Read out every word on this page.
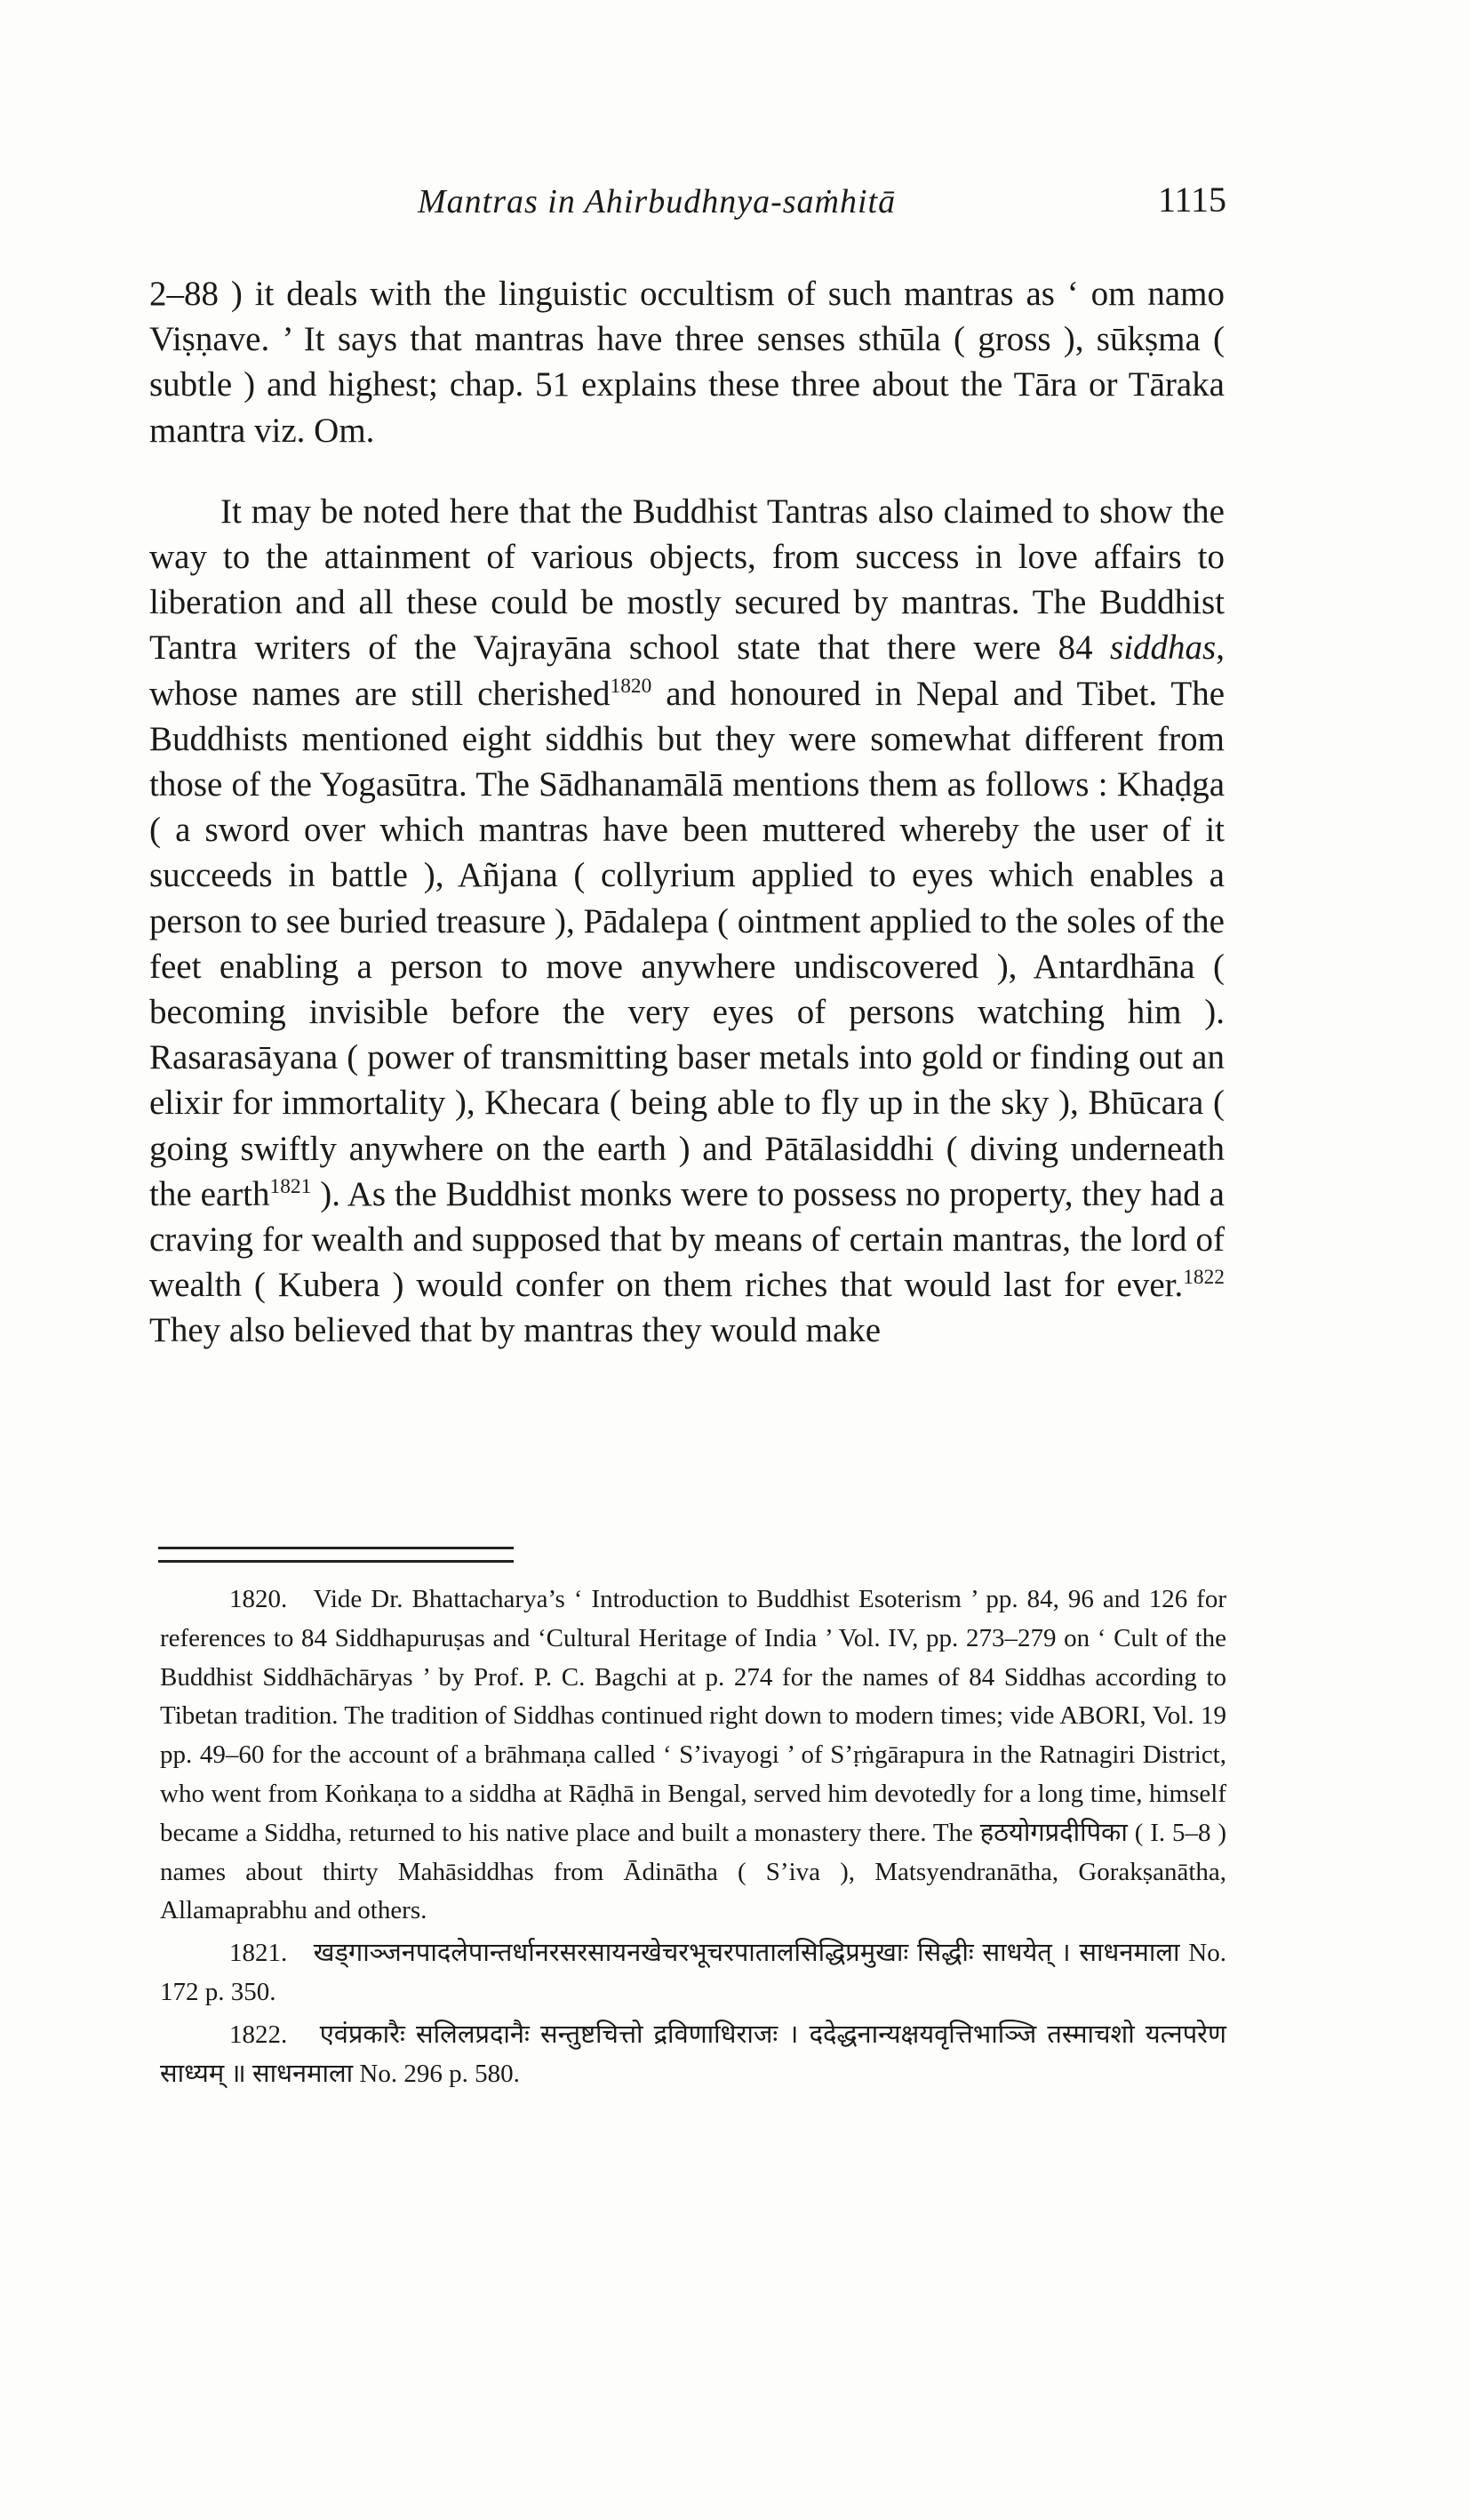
Mantras in Ahirbudhnya-saṁhitā	1115

2–88 ) it deals with the linguistic occultism of such mantras as ‘ om namo Viṣṇave. ’ It says that mantras have three senses sthūla ( gross ), sūkṣma ( subtle ) and highest; chap. 51 explains these three about the Tāra or Tāraka mantra viz. Om.

It may be noted here that the Buddhist Tantras also claimed to show the way to the attainment of various objects, from success in love affairs to liberation and all these could be mostly secured by mantras. The Buddhist Tantra writers of the Vajrayāna school state that there were 84 siddhas, whose names are still cherished$^{1820}$ and honoured in Nepal and Tibet. The Buddhists mentioned eight siddhis but they were somewhat different from those of the Yogasūtra. The Sādhanamālā mentions them as follows : Khaḍga ( a sword over which mantras have been muttered whereby the user of it succeeds in battle ), Añjana ( collyrium applied to eyes which enables a person to see buried treasure ), Pādalepa ( ointment applied to the soles of the feet enabling a person to move anywhere undiscovered ), Antardhāna ( becoming invisible before the very eyes of persons watching him ). Rasarasāyana ( power of transmitting baser metals into gold or finding out an elixir for immortality ), Khecara ( being able to fly up in the sky ), Bhūcara ( going swiftly anywhere on the earth ) and Pātālasiddhi ( diving underneath the earth$^{1821}$ ). As the Buddhist monks were to possess no property, they had a craving for wealth and supposed that by means of certain mantras, the lord of wealth ( Kubera ) would confer on them riches that would last for ever.$^{1822}$ They also believed that by mantras they would make

1820. Vide Dr. Bhattacharya’s ‘ Introduction to Buddhist Esoterism ’ pp. 84, 96 and 126 for references to 84 Siddhapuruṣas and ‘Cultural Heritage of India ’ Vol. IV, pp. 273–279 on ‘ Cult of the Buddhist Siddhāchāryas ’ by Prof. P. C. Bagchi at p. 274 for the names of 84 Siddhas according to Tibetan tradition. The tradition of Siddhas continued right down to modern times; vide ABORI, Vol. 19 pp. 49–60 for the account of a brāhmaṇa called ‘ S’ivayogi ’ of S’ṛṅgārapura in the Ratnagiri District, who went from Koṅkaṇa to a siddha at Rāḍhā in Bengal, served him devotedly for a long time, himself became a Siddha, returned to his native place and built a monastery there. The हठयोगप्रदीपिका ( I. 5–8 ) names about thirty Mahāsiddhas from Ādinātha ( S’iva ), Matsyendranātha, Gorakṣanātha, Allamaprabhu and others.

1821. खड्गाञ्जनपादलेपान्तर्धानरसरसायनखेचरभूचरपातालसिद्धिप्रमुखाः सिद्धीः साधयेत् । साधनमाला No. 172 p. 350.

1822. एवंप्रकारैः सलिलप्रदानैः सन्तुष्टचित्तो द्रविणाधिराजः । ददेद्धनान्यक्षयवृत्तिभाञ्जि तस्माचशो यत्नपरेण साध्यम् ॥ साधनमाला No. 296 p. 580.
